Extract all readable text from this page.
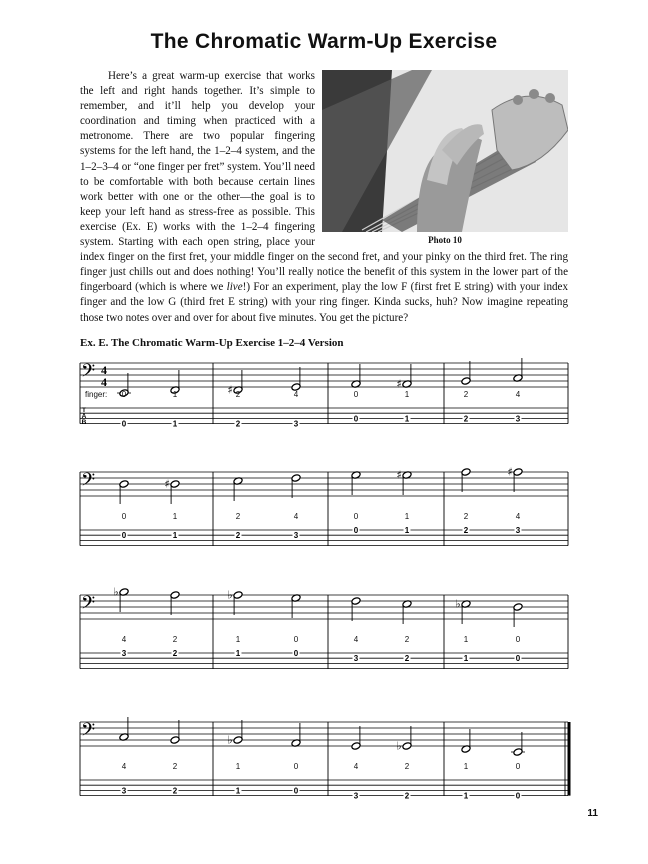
The Chromatic Warm-Up Exercise
Photo 10

Here’s a great warm-up exercise that works the left and right hands together. It’s simple to remember, and it’ll help you develop your coordination and timing when practiced with a metronome. There are two popular fingering systems for the left hand, the 1–2–4 system, and the 1–2–3–4 or “one finger per fret” system. You’ll need to be comfortable with both because certain lines work better with one or the other—the goal is to keep your left hand as stress-free as possible. This exercise (Ex. E) works with the 1–2–4 fingering system. Starting with each open string, place your index finger on the first fret, your middle finger on the second fret, and your pinky on the third fret. The ring finger just chills out and does nothing! You’ll really notice the benefit of this system in the lower part of the fingerboard (which is where we live!) For an experiment, play the low F (first fret E string) with your index finger and the low G (third fret E string) with your ring finger. Kinda sucks, huh? Now imagine repeating those two notes over and over for about five minutes. You get the picture?

Ex. E. The Chromatic Warm-Up Exercise 1–2–4 Version
𝄢 4
4
T
A
B
♯	♯
finger: 0	1	2	4	0	1	2	4
0	1	2	3
0	1	2	3
𝄢	♯
♯	♯
0	1	2	4	0	1	2	4
0	1	2	3
0	1	2	3
𝄢
♭	♭
♭
4	2	1	0	4	2	1	0
3	2	1	0
3	2	1	0
𝄢	♭	♭
4	2	1	0	4	2	1	0
3	2	1	0
3	2	1	0
11
